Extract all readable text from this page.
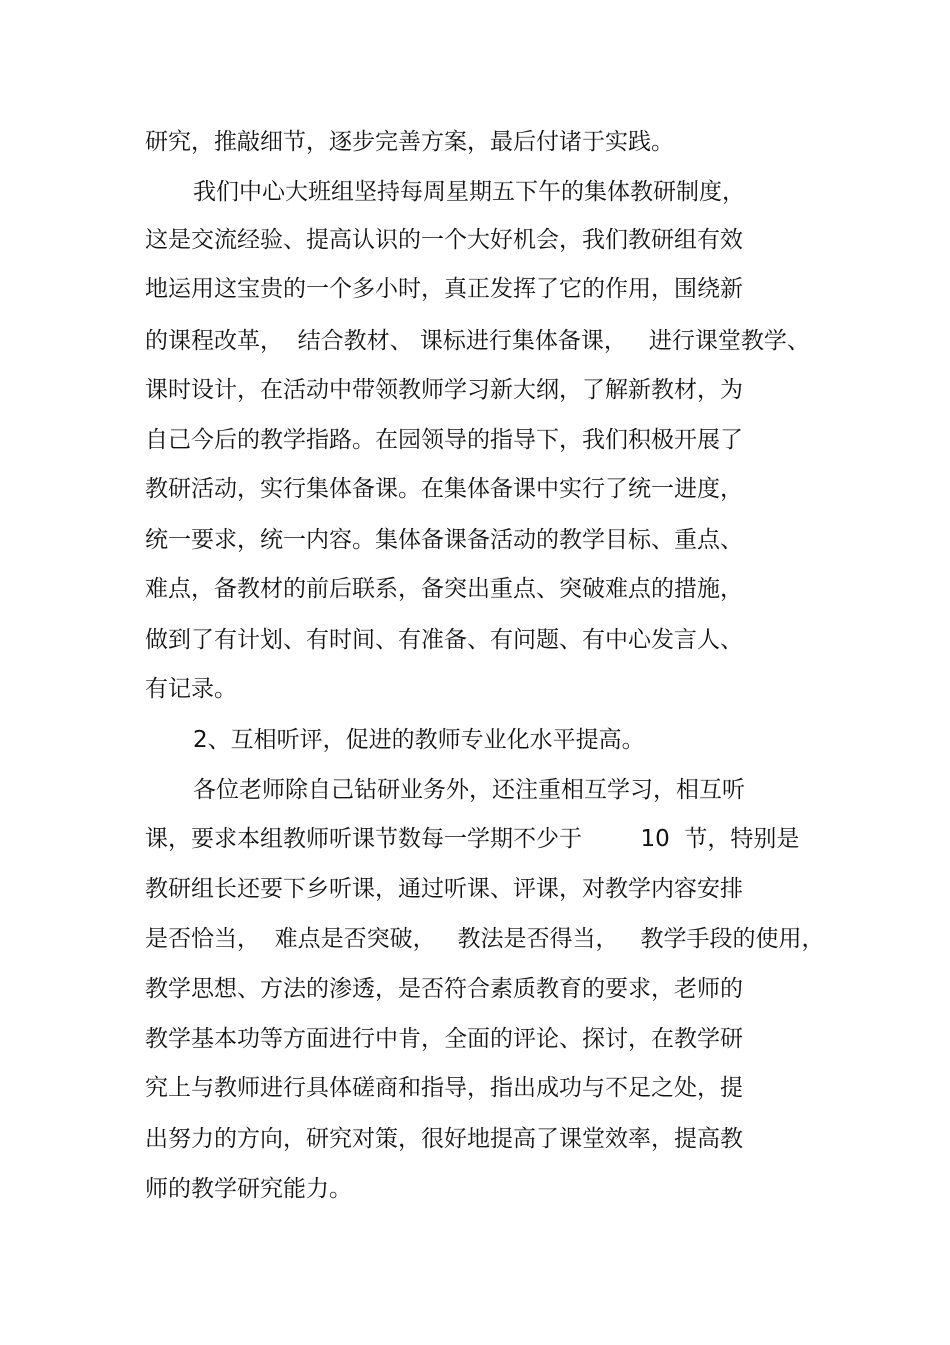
研究，推敲细节，逐步完善方案，最后付诸于实践。
我们中心大班组坚持每周星期五下午的集体教研制度，
这是交流经验、提高认识的一个大好机会，我们教研组有效
地运用这宝贵的一个多小时，真正发挥了它的作用，围绕新
的课程改革，  结合教材、 课标进行集体备课，   进行课堂教学、
课时设计，在活动中带领教师学习新大纲，了解新教材，为
自己今后的教学指路。在园领导的指导下，我们积极开展了
教研活动，实行集体备课。在集体备课中实行了统一进度，
统一要求，统一内容。集体备课备活动的教学目标、重点、
难点，备教材的前后联系，备突出重点、突破难点的措施，
做到了有计划、有时间、有准备、有问题、有中心发言人、
有记录。
2、互相听评，促进的教师专业化水平提高。
各位老师除自己钻研业务外，还注重相互学习，相互听
课，要求本组教师听课节数每一学期不少于        10  节，特别是
教研组长还要下乡听课，通过听课、评课，对教学内容安排
是否恰当，  难点是否突破，   教法是否得当，   教学手段的使用，
教学思想、方法的渗透，是否符合素质教育的要求，老师的
教学基本功等方面进行中肯，全面的评论、探讨，在教学研
究上与教师进行具体磋商和指导，指出成功与不足之处，提
出努力的方向，研究对策，很好地提高了课堂效率，提高教
师的教学研究能力。
